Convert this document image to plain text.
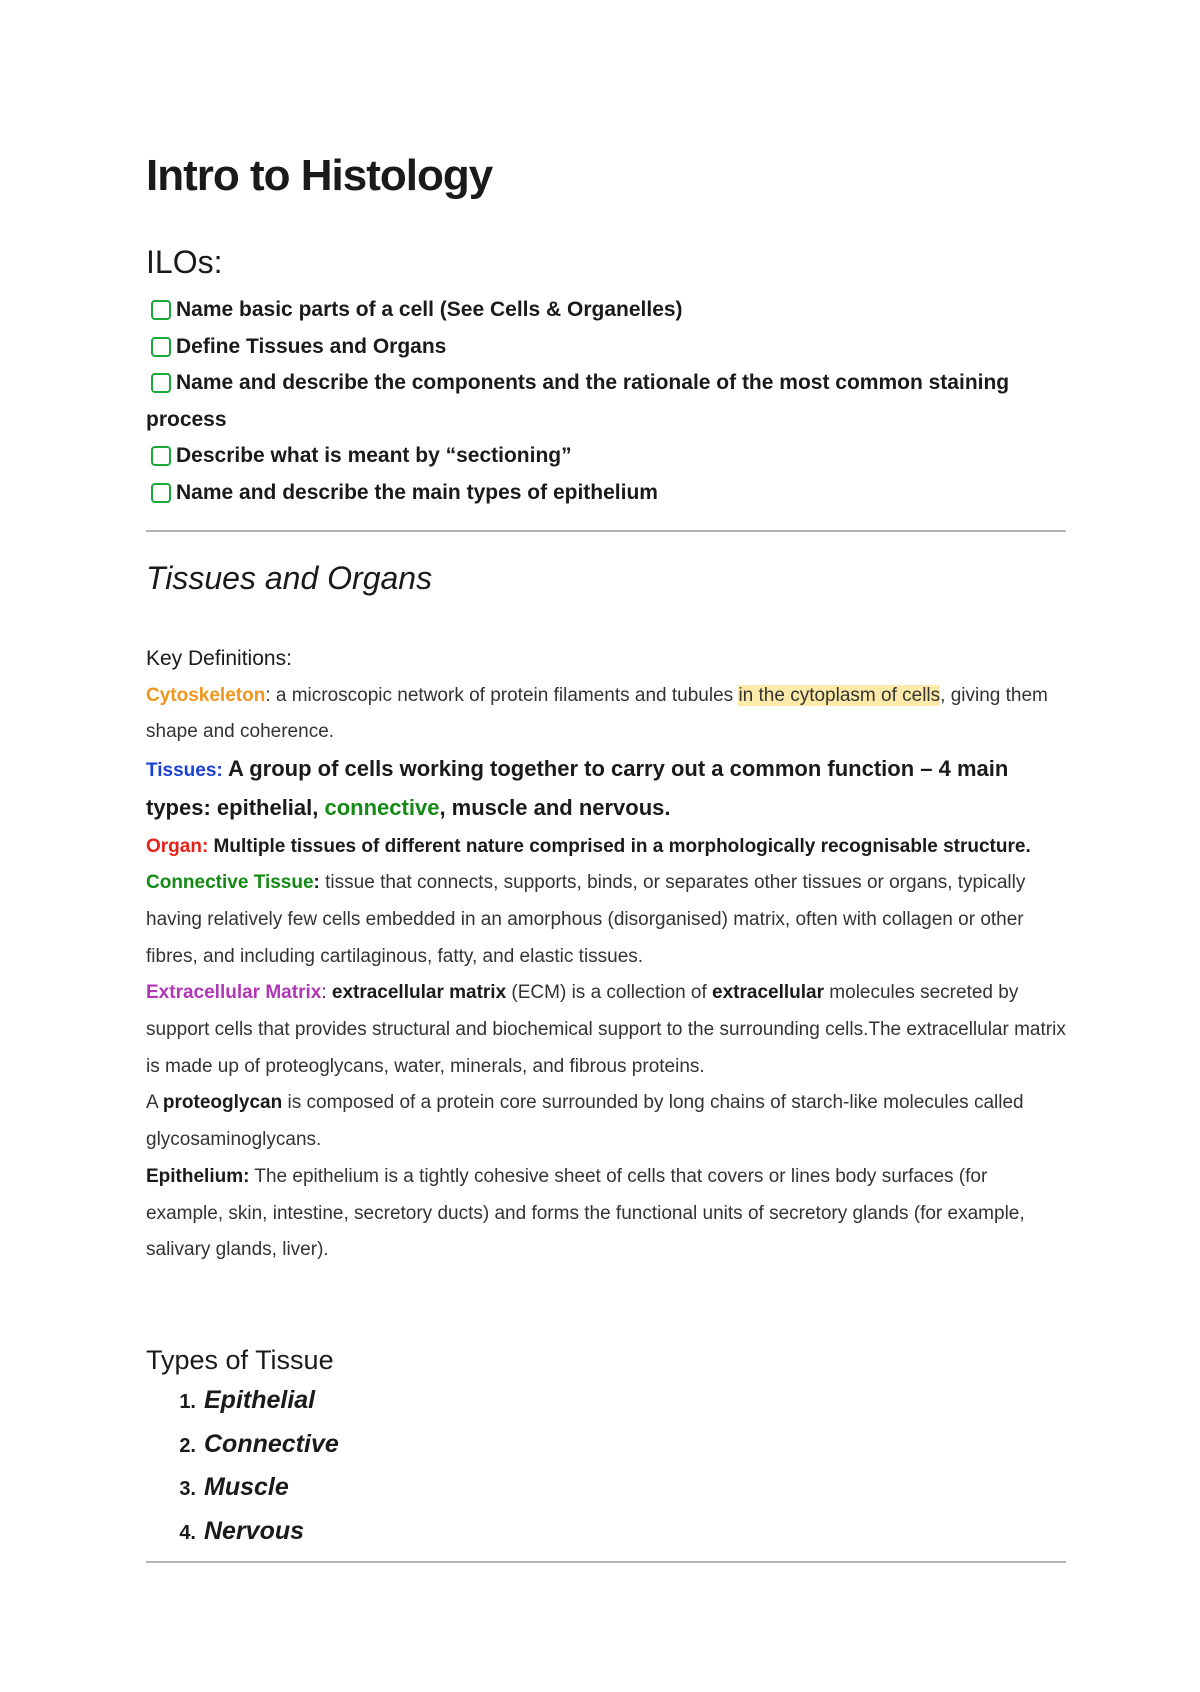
Intro to Histology
ILOs:
Name basic parts of a cell (See Cells & Organelles)
Define Tissues and Organs
Name and describe the components and the rationale of the most common staining process
Describe what is meant by “sectioning”
Name and describe the main types of epithelium
Tissues and Organs

Key Definitions:

Cytoskeleton: a microscopic network of protein filaments and tubules in the cytoplasm of cells, giving them shape and coherence.

Tissues: A group of cells working together to carry out a common function – 4 main types: epithelial, connective, muscle and nervous.

Organ: Multiple tissues of different nature comprised in a morphologically recognisable structure.

Connective Tissue: tissue that connects, supports, binds, or separates other tissues or organs, typically having relatively few cells embedded in an amorphous (disorganised) matrix, often with collagen or other fibres, and including cartilaginous, fatty, and elastic tissues.

Extracellular Matrix: extracellular matrix (ECM) is a collection of extracellular molecules secreted by support cells that provides structural and biochemical support to the surrounding cells.The extracellular matrix is made up of proteoglycans, water, minerals, and fibrous proteins.

A proteoglycan is composed of a protein core surrounded by long chains of starch-like molecules called glycosaminoglycans.

Epithelium: The epithelium is a tightly cohesive sheet of cells that covers or lines body surfaces (for example, skin, intestine, secretory ducts) and forms the functional units of secretory glands (for example, salivary glands, liver).

Types of Tissue
1. Epithelial
2. Connective
3. Muscle
4. Nervous
